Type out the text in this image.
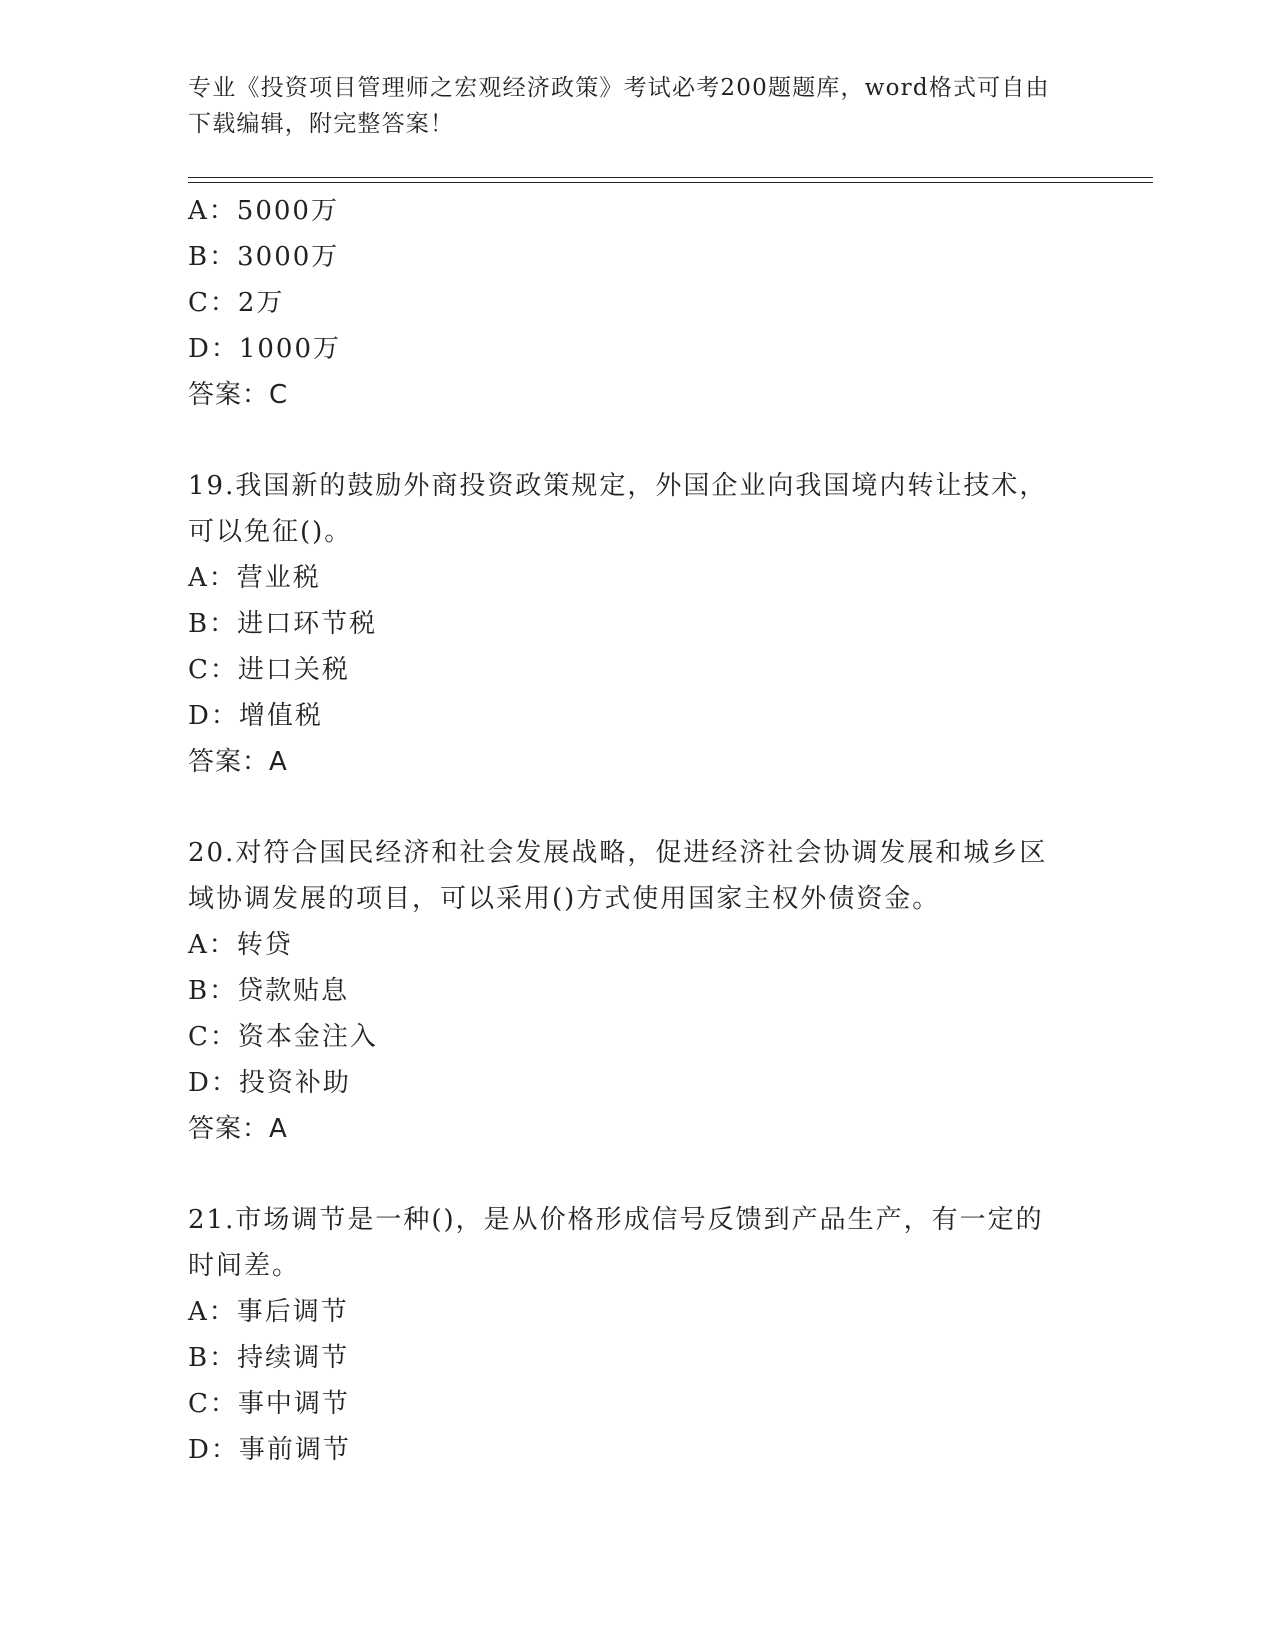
专业《投资项目管理师之宏观经济政策》考试必考200题题库，word格式可自由
下载编辑，附完整答案！
A：5000万
B：3000万
C：2万
D：1000万
答案：C
19.我国新的鼓励外商投资政策规定，外国企业向我国境内转让技术，
可以免征()。
A：营业税
B：进口环节税
C：进口关税
D：增值税
答案：A
20.对符合国民经济和社会发展战略，促进经济社会协调发展和城乡区
域协调发展的项目，可以采用()方式使用国家主权外债资金。
A：转贷
B：贷款贴息
C：资本金注入
D：投资补助
答案：A
21.市场调节是一种()，是从价格形成信号反馈到产品生产，有一定的
时间差。
A：事后调节
B：持续调节
C：事中调节
D：事前调节
